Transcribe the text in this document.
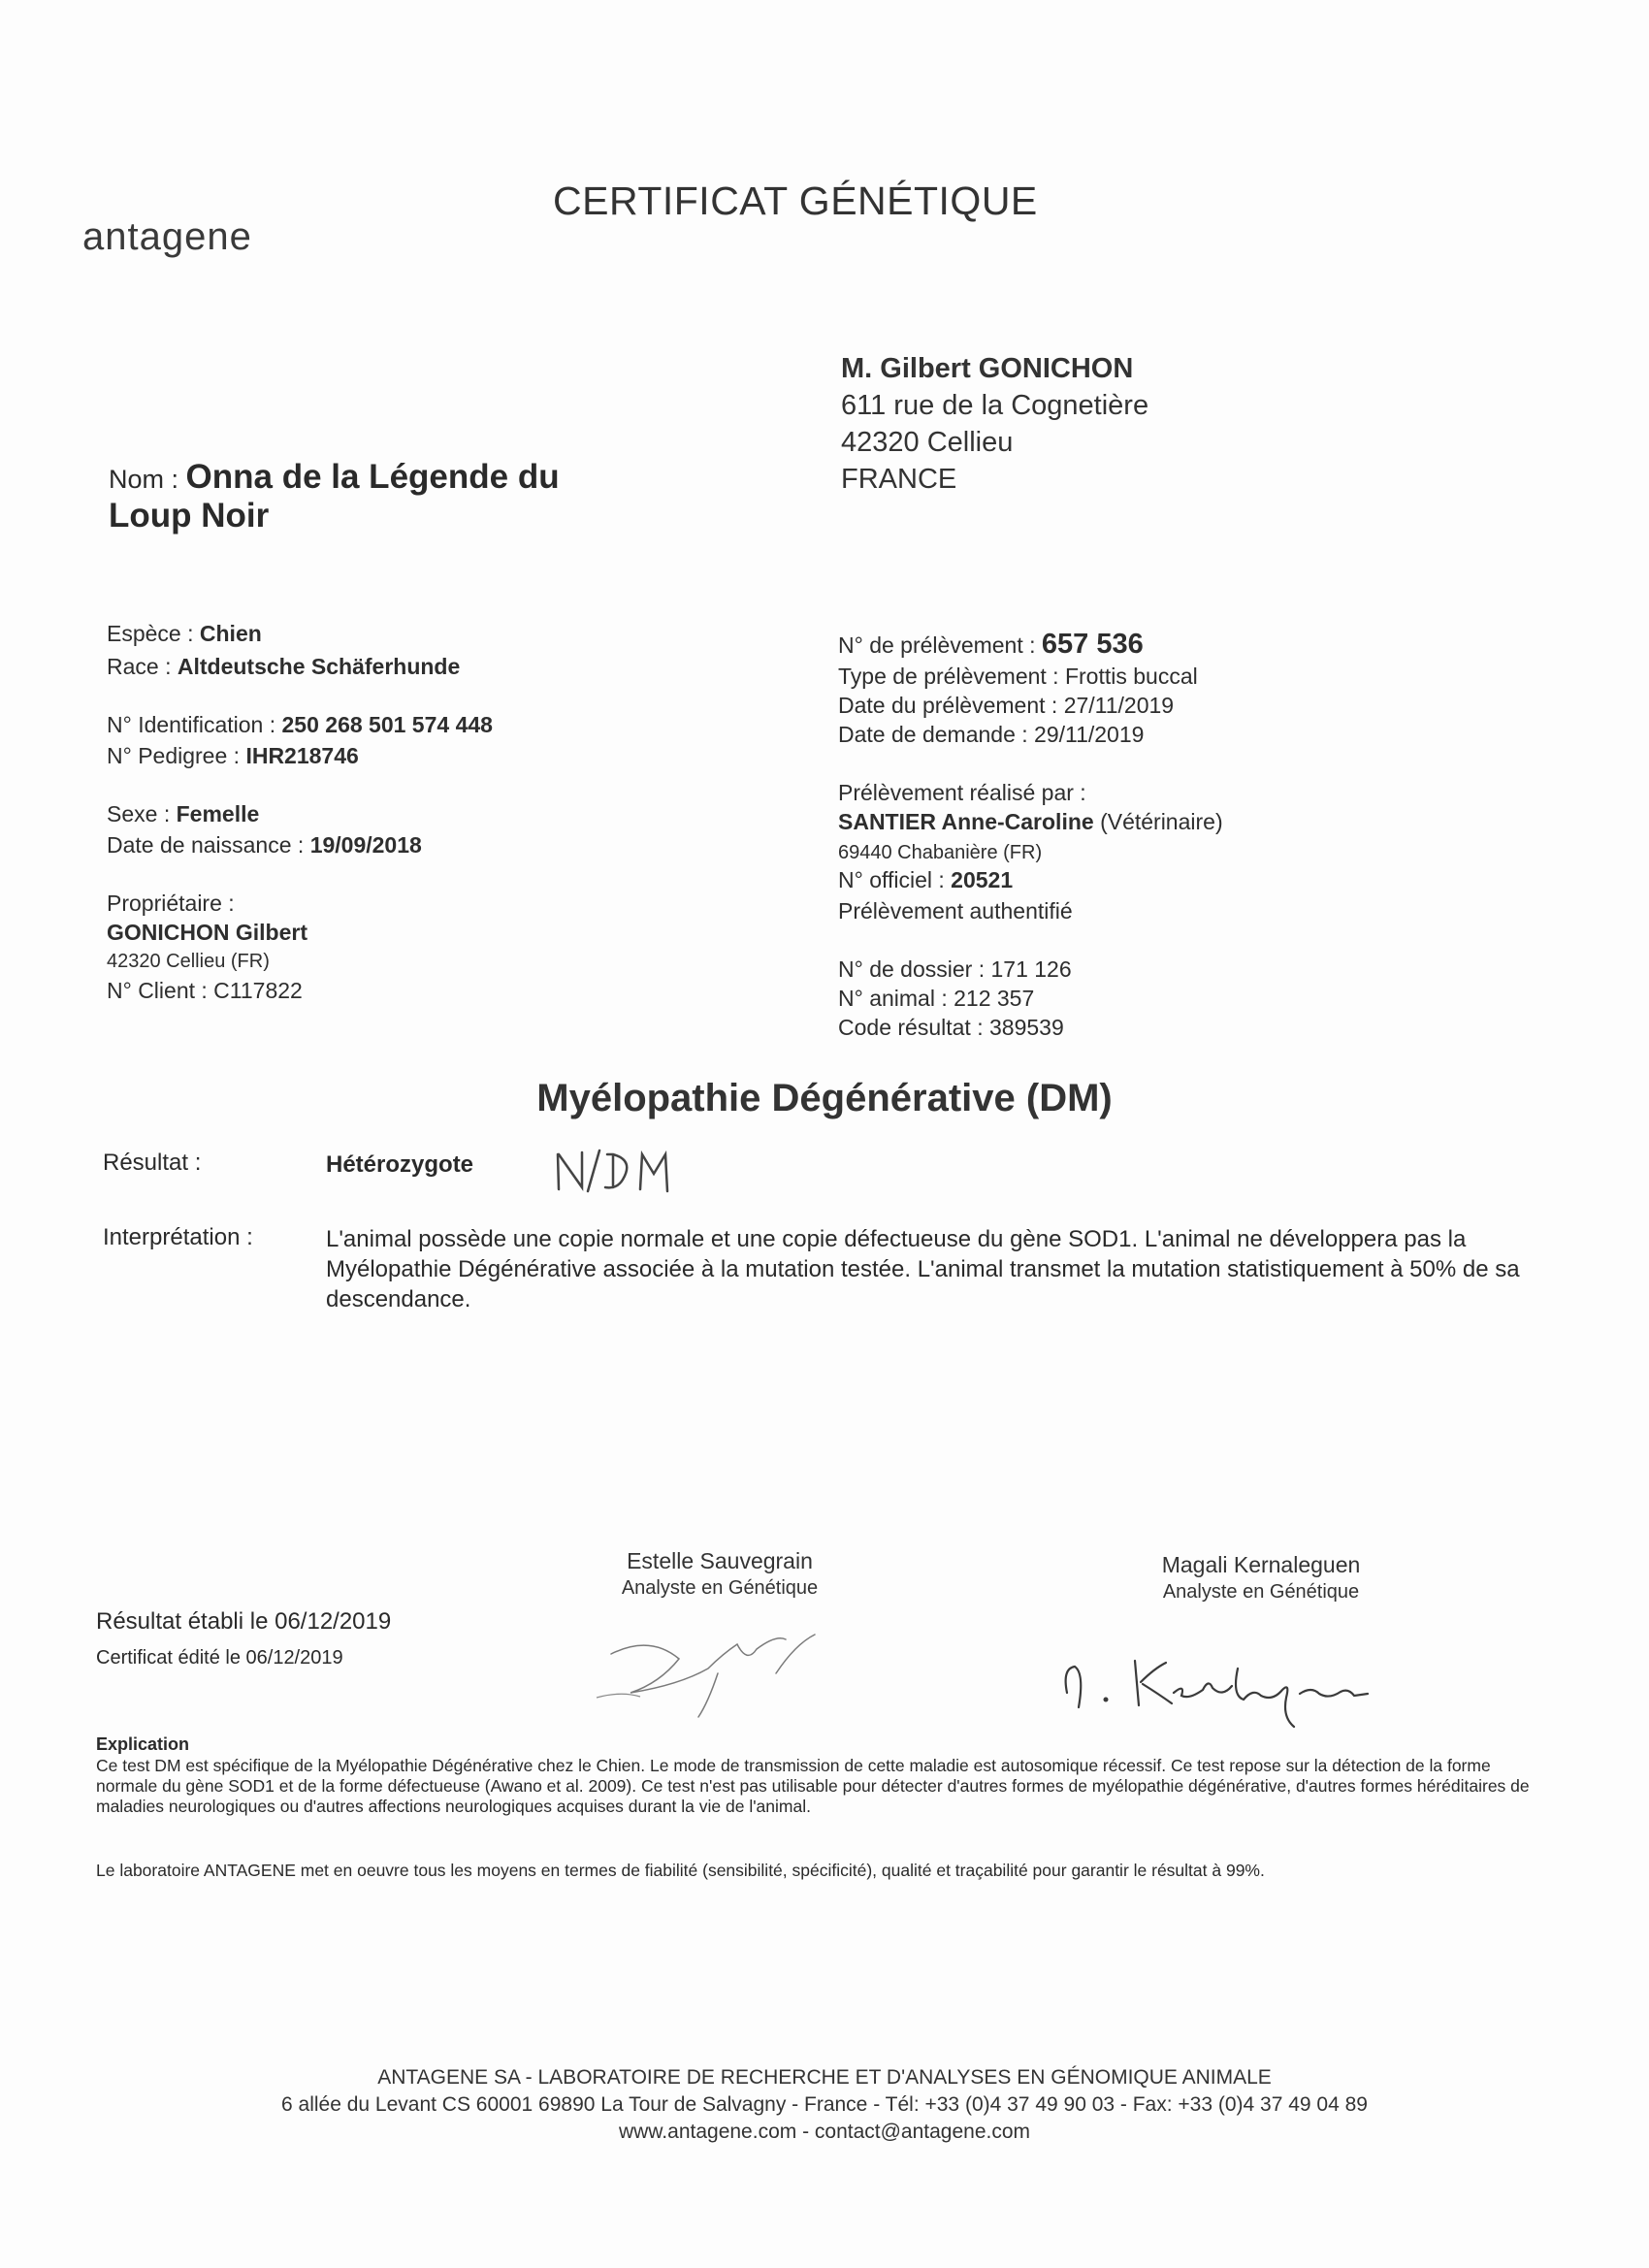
antagene
CERTIFICAT GÉNÉTIQUE
M. Gilbert GONICHON
611 rue de la Cognetière
42320 Cellieu
FRANCE
Nom : Onna de la Légende du
Loup Noir
Espèce : Chien
Race : Altdeutsche Schäferhunde
N° Identification : 250 268 501 574 448
N° Pedigree : IHR218746
Sexe : Femelle
Date de naissance : 19/09/2018
Propriétaire :
GONICHON Gilbert
42320 Cellieu (FR)
N° Client : C117822
N° de prélèvement : 657 536
Type de prélèvement : Frottis buccal
Date du prélèvement : 27/11/2019
Date de demande : 29/11/2019
Prélèvement réalisé par :
SANTIER Anne-Caroline (Vétérinaire)
69440 Chabanière (FR)
N° officiel : 20521
Prélèvement authentifié
N° de dossier : 171 126
N° animal : 212 357
Code résultat : 389539
Myélopathie Dégénérative (DM)
Résultat :	Hétérozygote
Interprétation :	L'animal possède une copie normale et une copie défectueuse du gène SOD1. L'animal ne développera pas la Myélopathie Dégénérative associée à la mutation testée. L'animal transmet la mutation statistiquement à 50% de sa descendance.
Estelle Sauvegrain
Analyste en Génétique
Magali Kernaleguen
Analyste en Génétique
Résultat établi le 06/12/2019
Certificat édité le 06/12/2019
Explication
Ce test DM est spécifique de la Myélopathie Dégénérative chez le Chien. Le mode de transmission de cette maladie est autosomique récessif. Ce test repose sur la détection de la forme normale du gène SOD1 et de la forme défectueuse (Awano et al. 2009). Ce test n'est pas utilisable pour détecter d'autres formes de myélopathie dégénérative, d'autres formes héréditaires de maladies neurologiques ou d'autres affections neurologiques acquises durant la vie de l'animal.
Le laboratoire ANTAGENE met en oeuvre tous les moyens en termes de fiabilité (sensibilité, spécificité), qualité et traçabilité pour garantir le résultat à 99%.
ANTAGENE SA - LABORATOIRE DE RECHERCHE ET D'ANALYSES EN GÉNOMIQUE ANIMALE
6 allée du Levant CS 60001 69890 La Tour de Salvagny - France - Tél: +33 (0)4 37 49 90 03 - Fax: +33 (0)4 37 49 04 89
www.antagene.com - contact@antagene.com
